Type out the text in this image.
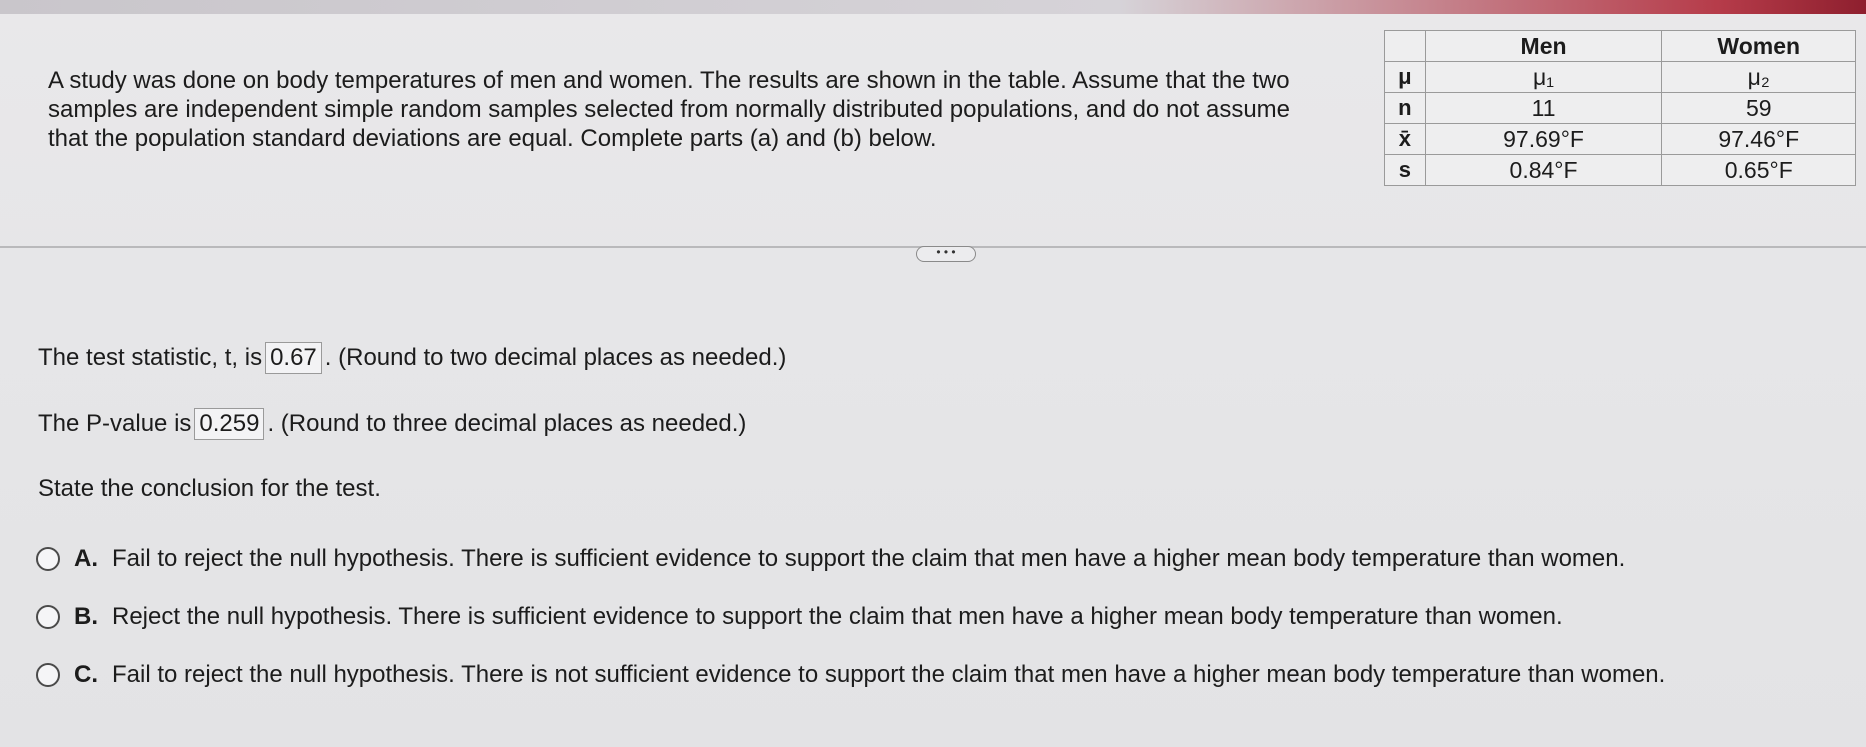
A study was done on body temperatures of men and women. The results are shown in the table. Assume that the two
samples are independent simple random samples selected from normally distributed populations, and do not assume
that the population standard deviations are equal. Complete parts (a) and (b) below.
	Men	Women
μ	μ₁	μ₂
n	11	59
x̄	97.69°F	97.46°F
s	0.84°F	0.65°F
• • •
The test statistic, t, is 0.67 . (Round to two decimal places as needed.)
The P-value is 0.259 . (Round to three decimal places as needed.)
State the conclusion for the test.
A. Fail to reject the null hypothesis. There is sufficient evidence to support the claim that men have a higher mean body temperature than women.
B. Reject the null hypothesis. There is sufficient evidence to support the claim that men have a higher mean body temperature than women.
C. Fail to reject the null hypothesis. There is not sufficient evidence to support the claim that men have a higher mean body temperature than women.
